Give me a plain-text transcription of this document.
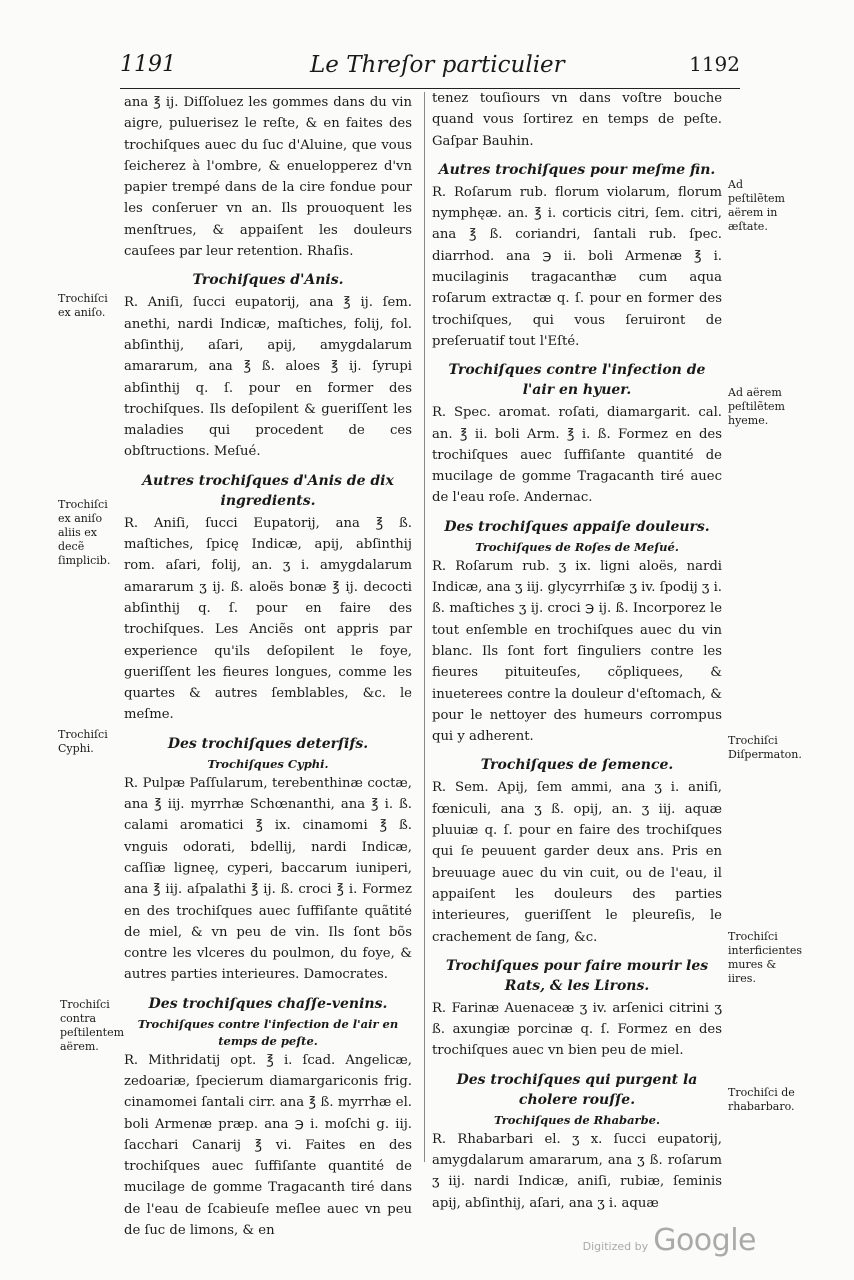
1191	Le Threſor particulier	1192

ana ℥ ij. Diſſoluez les gommes dans du vin aigre, puluerisez le reſte, & en faites des trochiſques auec du ſuc d'Aluine, que vous ſeicherez à l'ombre, & enuelopperez d'vn papier trempé dans de la cire fondue pour les conſeruer vn an. Ils prouoquent les menſtrues, & appaiſent les douleurs cauſees par leur retention. Rhaſis.

Trochiſques d'Anis.

R. Aniſi, ſucci eupatorij, ana ℥ ij. ſem. anethi, nardi Indicæ, maſtiches, folij, fol. abſinthij, aſari, apij, amygdalarum amararum, ana ℥ ß. aloes ℥ ij. ſyrupi abſinthij q. ſ. pour en former des trochiſques. Ils deſopilent & gueriſſent les maladies qui procedent de ces obſtructions. Meſué.

Autres trochiſques d'Anis de dix ingredients.

R. Aniſi, ſucci Eupatorij, ana ℥ ß. maſtiches, ſpicę Indicæ, apij, abſinthij rom. aſari, folij, an. ʒ i. amygdalarum amararum ʒ ij. ß. aloës bonæ ℥ ij. decocti abſinthij q. ſ. pour en faire des trochiſques. Les Anciẽs ont appris par experience qu'ils deſopilent le foye, gueriſſent les fieures longues, comme les quartes & autres ſemblables, &c. le meſme.

Des trochiſques deterſifs.
Trochiſques Cyphi.

R. Pulpæ Paſſularum, terebenthinæ coctæ, ana ℥ iij. myrrhæ Schœnanthi, ana ℥ i. ß. calami aromatici ℥ ix. cinamomi ℥ ß. vnguis odorati, bdellij, nardi Indicæ, caſſiæ ligneę, cyperi, baccarum iuniperi, ana ℥ iij. aſpalathi ℥ ij. ß. croci ℥ i. Formez en des trochiſques auec ſuffiſante quãtité de miel, & vn peu de vin. Ils ſont bõs contre les vlceres du poulmon, du foye, & autres parties interieures. Damocrates.

Des trochiſques chaſſe-venins.
Trochiſques contre l'infection de l'air en temps de peſte.

R. Mithridatij opt. ℥ i. ſcad. Angelicæ, zedoariæ, ſpecierum diamargariconis frig. cinamomei ſantali cirr. ana ℥ ß. myrrhæ el. boli Armenæ præp. ana ℈ i. moſchi g. iij. ſacchari Canarij ℥ vi. Faites en des trochiſques auec ſuffiſante quantité de mucilage de gomme Tragacanth tiré dans de l'eau de ſcabieuſe meſlee auec vn peu de ſuc de limons, & en

tenez touſiours vn dans voſtre bouche quand vous ſortirez en temps de peſte. Gaſpar Bauhin.

Autres trochiſques pour meſme fin.

R. Roſarum rub. florum violarum, florum nymphęæ. an. ℥ i. corticis citri, ſem. citri, ana ℥ ß. coriandri, ſantali rub. ſpec. diarrhod. ana ℈ ii. boli Armenæ ℥ i. mucilaginis tragacanthæ cum aqua roſarum extractæ q. ſ. pour en former des trochiſques, qui vous ſeruiront de preſeruatif tout l'Eſté.

Trochiſques contre l'infection de l'air en hyuer.

R. Spec. aromat. roſati, diamargarit. cal. an. ℥ ii. boli Arm. ℥ i. ß. Formez en des trochiſques auec ſuffiſante quantité de mucilage de gomme Tragacanth tiré auec de l'eau roſe. Andernac.

Des trochiſques appaiſe douleurs.
Trochiſques de Roſes de Meſué.

R. Roſarum rub. ʒ ix. ligni aloës, nardi Indicæ, ana ʒ iij. glycyrrhiſæ ʒ iv. ſpodij ʒ i. ß. maſtiches ʒ ij. croci ℈ ij. ß. Incorporez le tout enſemble en trochiſques auec du vin blanc. Ils ſont fort ſinguliers contre les fieures pituiteuſes, cõpliquees, & inueterees contre la douleur d'eſtomach, & pour le nettoyer des humeurs corrompus qui y adherent.

Trochiſques de ſemence.

R. Sem. Apij, ſem ammi, ana ʒ i. aniſi, fœniculi, ana ʒ ß. opij, an. ʒ iij. aquæ pluuiæ q. ſ. pour en faire des trochiſques qui ſe peuuent garder deux ans. Pris en breuuage auec du vin cuit, ou de l'eau, il appaiſent les douleurs des parties interieures, gueriſſent le pleureſis, le crachement de ſang, &c.

Trochiſques pour faire mourir les Rats, & les Lirons.

R. Farinæ Auenaceæ ʒ iv. arſenici citrini ʒ ß. axungiæ porcinæ q. ſ. Formez en des trochiſques auec vn bien peu de miel.

Des trochiſques qui purgent la cholere rouſſe.
Trochiſques de Rhabarbe.

R. Rhabarbari el. ʒ x. ſucci eupatorij, amygdalarum amararum, ana ʒ ß. roſarum ʒ iij. nardi Indicæ, aniſi, rubiæ, ſeminis apij, abſinthij, aſari, ana ʒ i. aquæ

Trochiſci ex aniſo.
Trochiſci ex aniſo aliis ex decẽ ſimplicib.
Trochiſci Cyphi.
Trochiſci contra peſtilentem aërem.
Ad peſtilẽtem aërem in æſtate.
Ad aërem peſtilẽtem hyeme.
Trochiſci Diſpermaton.
Trochiſci interficientes mures & iires.
Trochiſci de rhabarbaro.
Digitized by Google
